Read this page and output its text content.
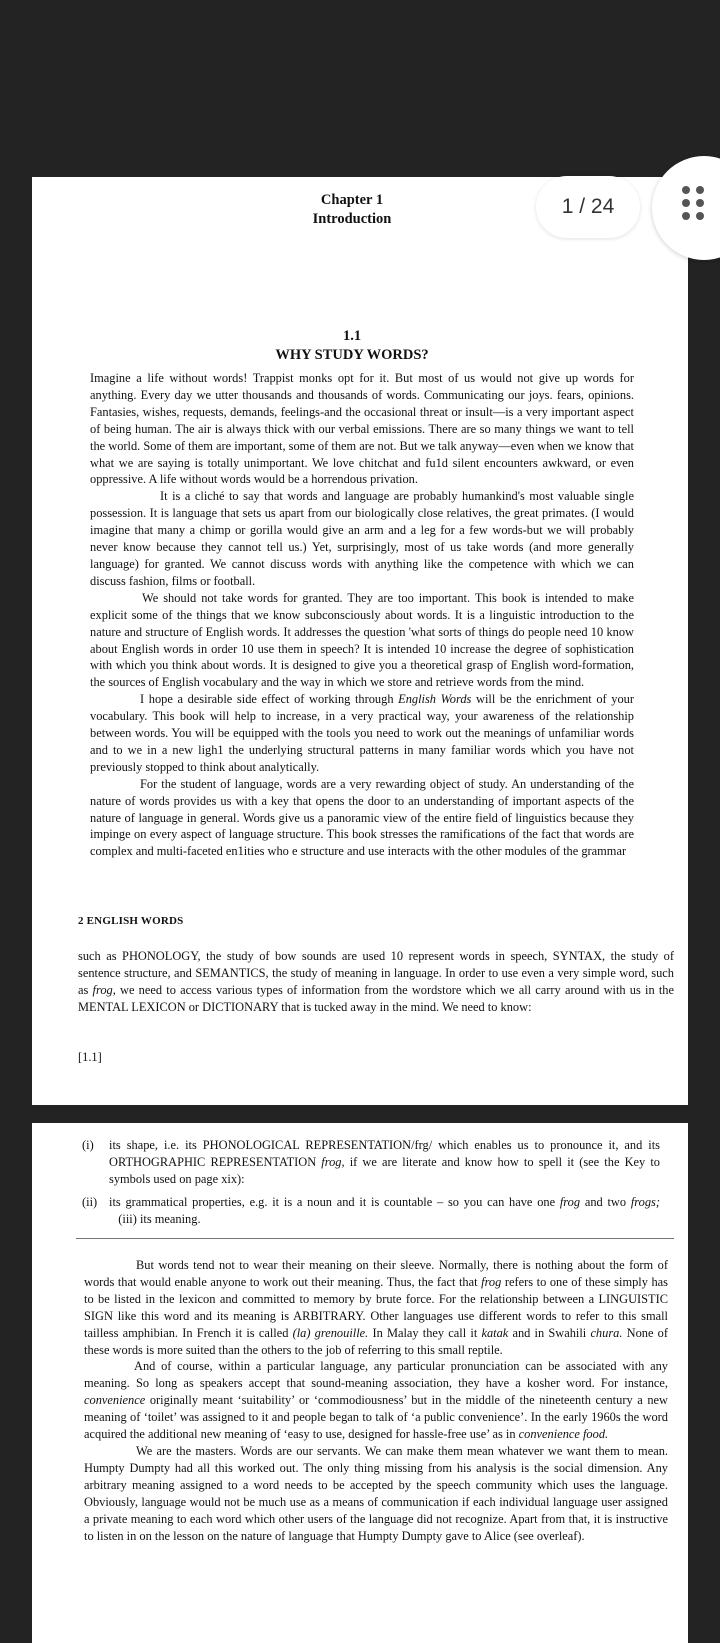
Chapter 1
Introduction
1.1
WHY STUDY WORDS?

Imagine a life without words! Trappist monks opt for it. But most of us would not give up words for anything. Every day we utter thousands and thousands of words. Communicating our joys. fears, opinions. Fantasies, wishes, requests, demands, feelings-and the occasional threat or insult—is a very important aspect of being human. The air is always thick with our verbal emissions. There are so many things we want to tell the world. Some of them are important, some of them are not. But we talk anyway—even when we know that what we are saying is totally unimportant. We love chitchat and fu1d silent encounters awkward, or even oppressive. A life without words would be a horrendous privation.

It is a cliché to say that words and language are probably humankind's most valuable single possession. It is language that sets us apart from our biologically close relatives, the great primates. (I would imagine that many a chimp or gorilla would give an arm and a leg for a few words-but we will probably never know because they cannot tell us.) Yet, surprisingly, most of us take words (and more generally language) for granted. We cannot discuss words with anything like the competence with which we can discuss fashion, films or football.

We should not take words for granted. They are too important. This book is intended to make explicit some of the things that we know subconsciously about words. It is a linguistic introduction to the nature and structure of English words. It addresses the question 'what sorts of things do people need 10 know about English words in order 10 use them in speech? It is intended 10 increase the degree of sophistication with which you think about words. It is designed to give you a theoretical grasp of English word-formation, the sources of English vocabulary and the way in which we store and retrieve words from the mind.

I hope a desirable side effect of working through English Words will be the enrichment of your vocabulary. This book will help to increase, in a very practical way, your awareness of the relationship between words. You will be equipped with the tools you need to work out the meanings of unfamiliar words and to we in a new ligh1 the underlying structural patterns in many familiar words which you have not previously stopped to think about analytically.

For the student of language, words are a very rewarding object of study. An understanding of the nature of words provides us with a key that opens the door to an understanding of important aspects of the nature of language in general. Words give us a panoramic view of the entire field of linguistics because they impinge on every aspect of language structure. This book stresses the ramifications of the fact that words are complex and multi-faceted en1ities who e structure and use interacts with the other modules of the grammar

2 ENGLISH WORDS
such as PHONOLOGY, the study of bow sounds are used 10 represent words in speech, SYNTAX, the study of sentence structure, and SEMANTICS, the study of meaning in language. In order to use even a very simple word, such as frog, we need to access various types of information from the wordstore which we all carry around with us in the MENTAL LEXICON or DICTIONARY that is tucked away in the mind. We need to know:
[1.1]
(i)	its shape, i.e. its PHONOLOGICAL REPRESENTATION/frg/ which enables us to pronounce it, and its ORTHOGRAPHIC REPRESENTATION frog, if we are literate and know how to spell it (see the Key to symbols used on page xix):
(ii) its grammatical properties, e.g. it is a noun and it is countable – so you can have one frog and two frogs;   (iii) its meaning.

But words tend not to wear their meaning on their sleeve. Normally, there is nothing about the form of words that would enable anyone to work out their meaning. Thus, the fact that frog refers to one of these simply has to be listed in the lexicon and committed to memory by brute force. For the relationship between a LINGUISTIC SIGN like this word and its meaning is ARBITRARY. Other languages use different words to refer to this small tailless amphibian. In French it is called (la) grenouille. In Malay they call it katak and in Swahili chura. None of these words is more suited than the others to the job of referring to this small reptile.

And of course, within a particular language, any particular pronunciation can be associated with any meaning. So long as speakers accept that sound-meaning association, they have a kosher word. For instance, convenience originally meant ‘suitability’ or ‘commodiousness’ but in the middle of the nineteenth century a new meaning of ‘toilet’ was assigned to it and people began to talk of ‘a public convenience’. In the early 1960s the word acquired the additional new meaning of ‘easy to use, designed for hassle-free use’ as in convenience food.

We are the masters. Words are our servants. We can make them mean whatever we want them to mean. Humpty Dumpty had all this worked out. The only thing missing from his analysis is the social dimension. Any arbitrary meaning assigned to a word needs to be accepted by the speech community which uses the language. Obviously, language would not be much use as a means of communication if each individual language user assigned a private meaning to each word which other users of the language did not recognize. Apart from that, it is instructive to listen in on the lesson on the nature of language that Humpty Dumpty gave to Alice (see overleaf).

1 / 24
